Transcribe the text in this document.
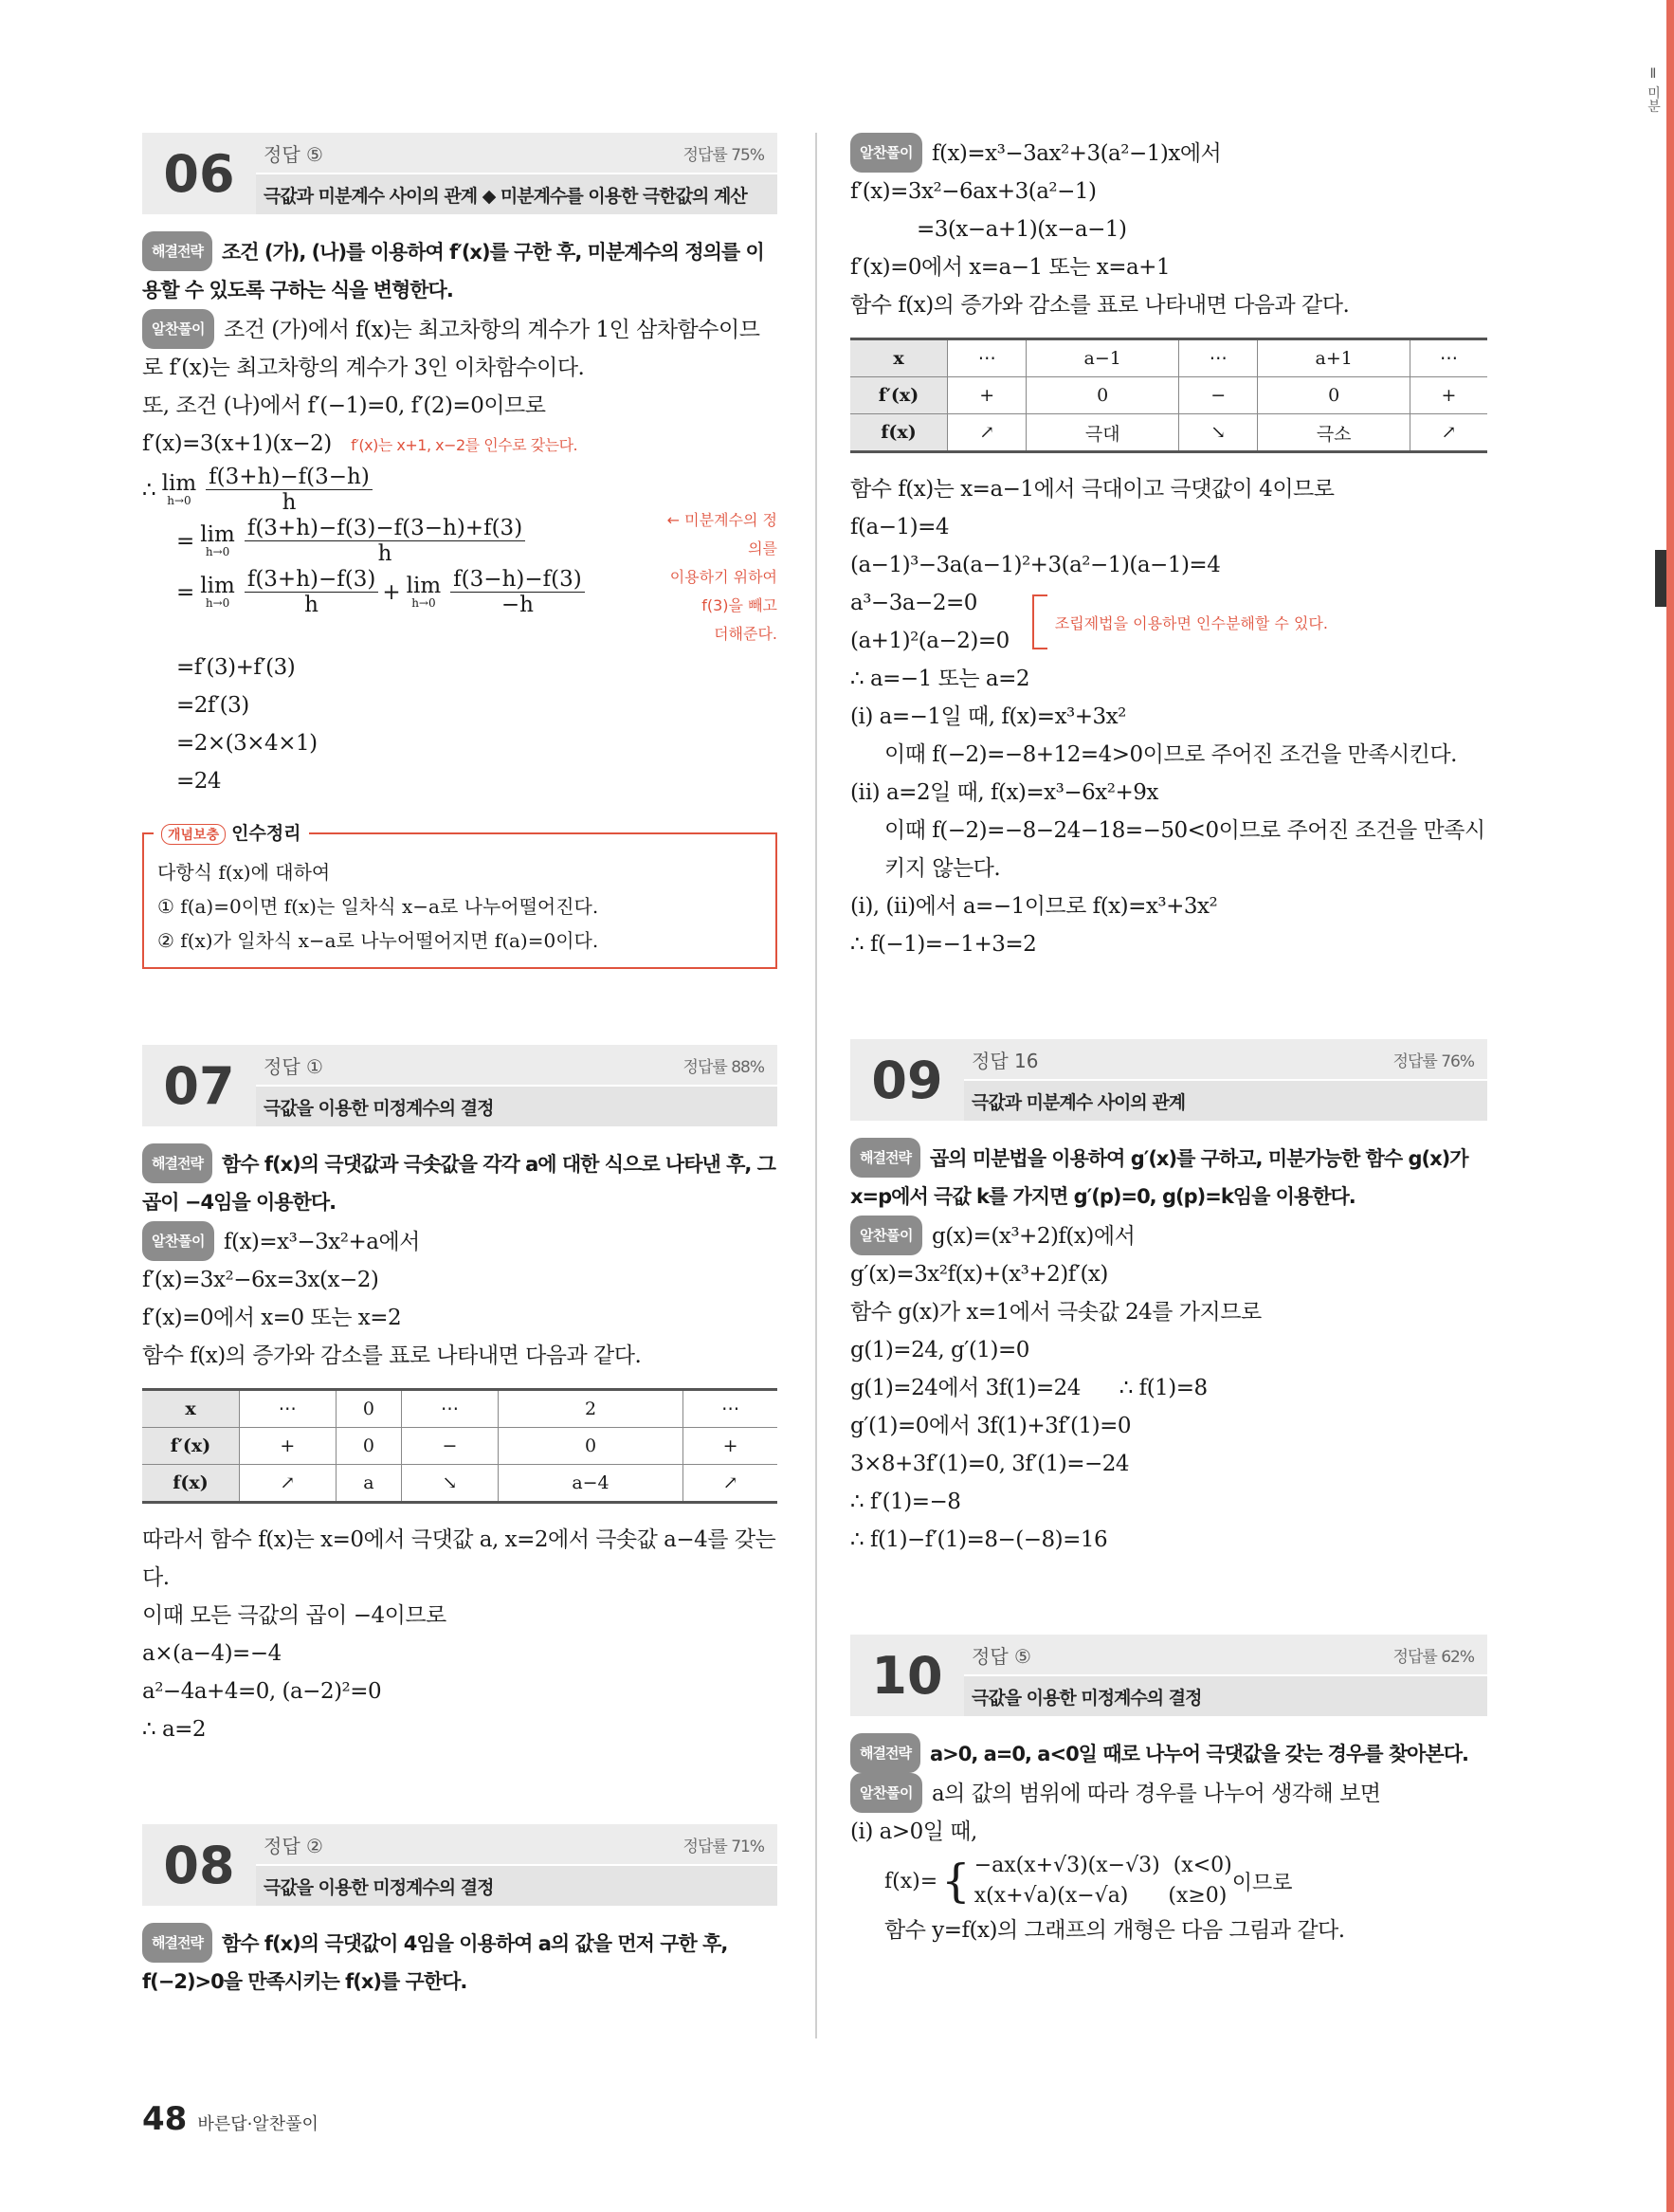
Ⅱ 미분
06	정답 ⑤	정답률 75%
극값과 미분계수 사이의 관계 ◆ 미분계수를 이용한 극한값의 계산

해결전략 조건 (가), (나)를 이용하여 f′(x)를 구한 후, 미분계수의 정의를 이용할 수 있도록 구하는 식을 변형한다.

알찬풀이 조건 (가)에서 f(x)는 최고차항의 계수가 1인 삼차함수이므로 f′(x)는 최고차항의 계수가 3인 이차함수이다.

또, 조건 (나)에서 f′(−1)=0, f′(2)=0이므로

f′(x)=3(x+1)(x−2) f′(x)는 x+1, x−2를 인수로 갖는다.

∴ lim
$h\to 0 \frac{f(3+h)-f(3-h)}{h}$
= lim
$h\to 0 \frac{f(3+h)-f(3)-f(3-h)+f(3)}{h}$
= lim
$h\to 0 \frac{f(3+h)-f(3)}{h} + \lim$
$h\to 0 \frac{f(3-h)-f(3)}{-h}$
← 미분계수의 정의를
이용하기 위하여
f(3)을 빼고
더해준다.

=f′(3)+f′(3)

=2f′(3)

=2×(3×4×1)

=24

개념보충 인수정리
다항식 f(x)에 대하여
① f(a)=0이면 f(x)는 일차식 x−a로 나누어떨어진다.
② f(x)가 일차식 x−a로 나누어떨어지면 f(a)=0이다.
07	정답 ①	정답률 88%
극값을 이용한 미정계수의 결정

해결전략 함수 f(x)의 극댓값과 극솟값을 각각 a에 대한 식으로 나타낸 후, 그 곱이 −4임을 이용한다.

알찬풀이 f(x)=x³−3x²+a에서

f′(x)=3x²−6x=3x(x−2)

f′(x)=0에서 x=0 또는 x=2

함수 f(x)의 증가와 감소를 표로 나타내면 다음과 같다.

x	⋯	0	⋯	2	⋯
f′(x)	+	0	−	0	+
f(x)	↗	a	↘	a−4	↗

따라서 함수 f(x)는 x=0에서 극댓값 a, x=2에서 극솟값 a−4를 갖는다.

이때 모든 극값의 곱이 −4이므로

a×(a−4)=−4

a²−4a+4=0, (a−2)²=0

∴ a=2

08	정답 ②	정답률 71%
극값을 이용한 미정계수의 결정

해결전략 함수 f(x)의 극댓값이 4임을 이용하여 a의 값을 먼저 구한 후, f(−2)>0을 만족시키는 f(x)를 구한다.

알찬풀이 f(x)=x³−3ax²+3(a²−1)x에서

f′(x)=3x²−6ax+3(a²−1)

=3(x−a+1)(x−a−1)

f′(x)=0에서 x=a−1 또는 x=a+1

함수 f(x)의 증가와 감소를 표로 나타내면 다음과 같다.

x	⋯	a−1	⋯	a+1	⋯
f′(x)	+	0	−	0	+
f(x)	↗	극대	↘	극소	↗

함수 f(x)는 x=a−1에서 극대이고 극댓값이 4이므로

f(a−1)=4

(a−1)³−3a(a−1)²+3(a²−1)(a−1)=4

a³−3a−2=0

(a+1)²(a−2)=0

조립제법을 이용하면 인수분해할 수 있다.

∴ a=−1 또는 a=2

(ⅰ) a=−1일 때, f(x)=x³+3x²

이때 f(−2)=−8+12=4>0이므로 주어진 조건을 만족시킨다.

(ⅱ) a=2일 때, f(x)=x³−6x²+9x

이때 f(−2)=−8−24−18=−50<0이므로 주어진 조건을 만족시키지 않는다.

(ⅰ), (ⅱ)에서 a=−1이므로 f(x)=x³+3x²

∴ f(−1)=−1+3=2

09	정답 16	정답률 76%
극값과 미분계수 사이의 관계

해결전략 곱의 미분법을 이용하여 g′(x)를 구하고, 미분가능한 함수 g(x)가 x=p에서 극값 k를 가지면 g′(p)=0, g(p)=k임을 이용한다.

알찬풀이 g(x)=(x³+2)f(x)에서

g′(x)=3x²f(x)+(x³+2)f′(x)

함수 g(x)가 x=1에서 극솟값 24를 가지므로

g(1)=24, g′(1)=0

g(1)=24에서 3f(1)=24 ∴ f(1)=8

g′(1)=0에서 3f(1)+3f′(1)=0

3×8+3f′(1)=0, 3f′(1)=−24

∴ f′(1)=−8

∴ f(1)−f′(1)=8−(−8)=16

10	정답 ⑤	정답률 62%
극값을 이용한 미정계수의 결정

해결전략 a>0, a=0, a<0일 때로 나누어 극댓값을 갖는 경우를 찾아본다.

알찬풀이 a의 값의 범위에 따라 경우를 나누어 생각해 보면

(ⅰ) a>0일 때,

f(x)= { −ax(x+√3)(x−√3) (x<0)
x(x+√a)(x−√a) (x≥0)
이므로

함수 y=f(x)의 그래프의 개형은 다음 그림과 같다.

48 바른답·알찬풀이
